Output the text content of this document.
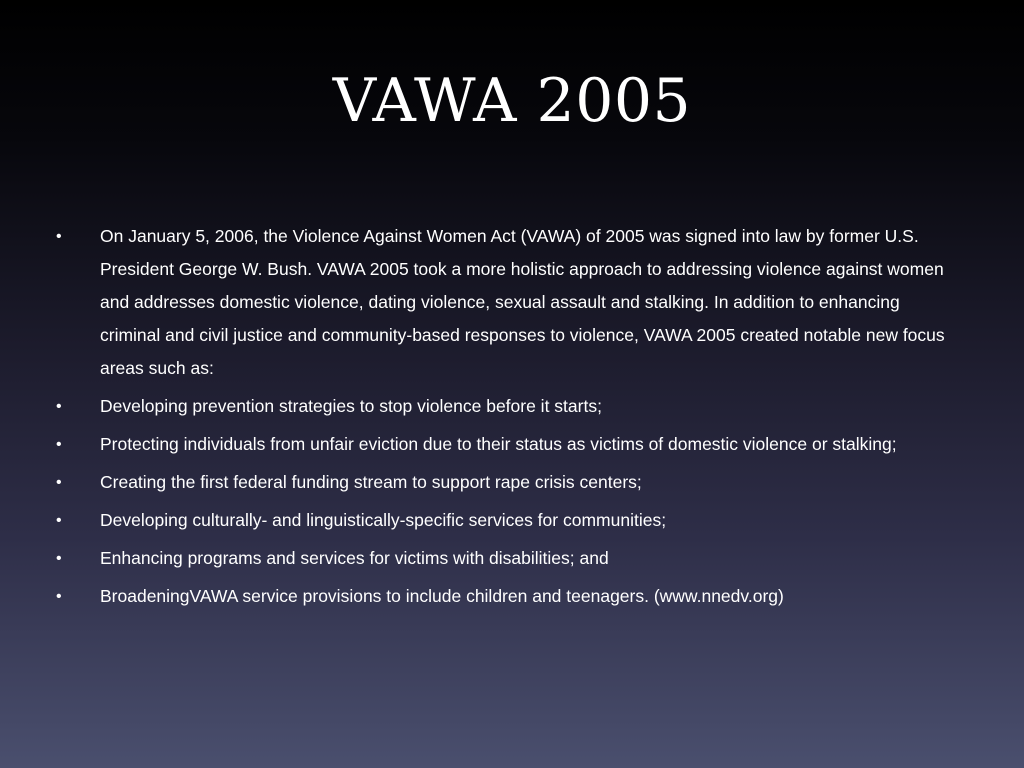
VAWA 2005
•	On January 5, 2006, the Violence Against Women Act (VAWA) of 2005 was signed into law by former U.S. President George W. Bush. VAWA 2005 took a more holistic approach to addressing violence against women and addresses domestic violence, dating violence, sexual assault and stalking. In addition to enhancing criminal and civil justice and community-based responses to violence, VAWA 2005 created notable new focus areas such as:
•	Developing prevention strategies to stop violence before it starts;
•	Protecting individuals from unfair eviction due to their status as victims of domestic violence or stalking;
•	Creating the first federal funding stream to support rape crisis centers;
•	Developing culturally- and linguistically-specific services for communities;
•	Enhancing programs and services for victims with disabilities; and
•	BroadeningVAWA service provisions to include children and teenagers. (www.nnedv.org)
